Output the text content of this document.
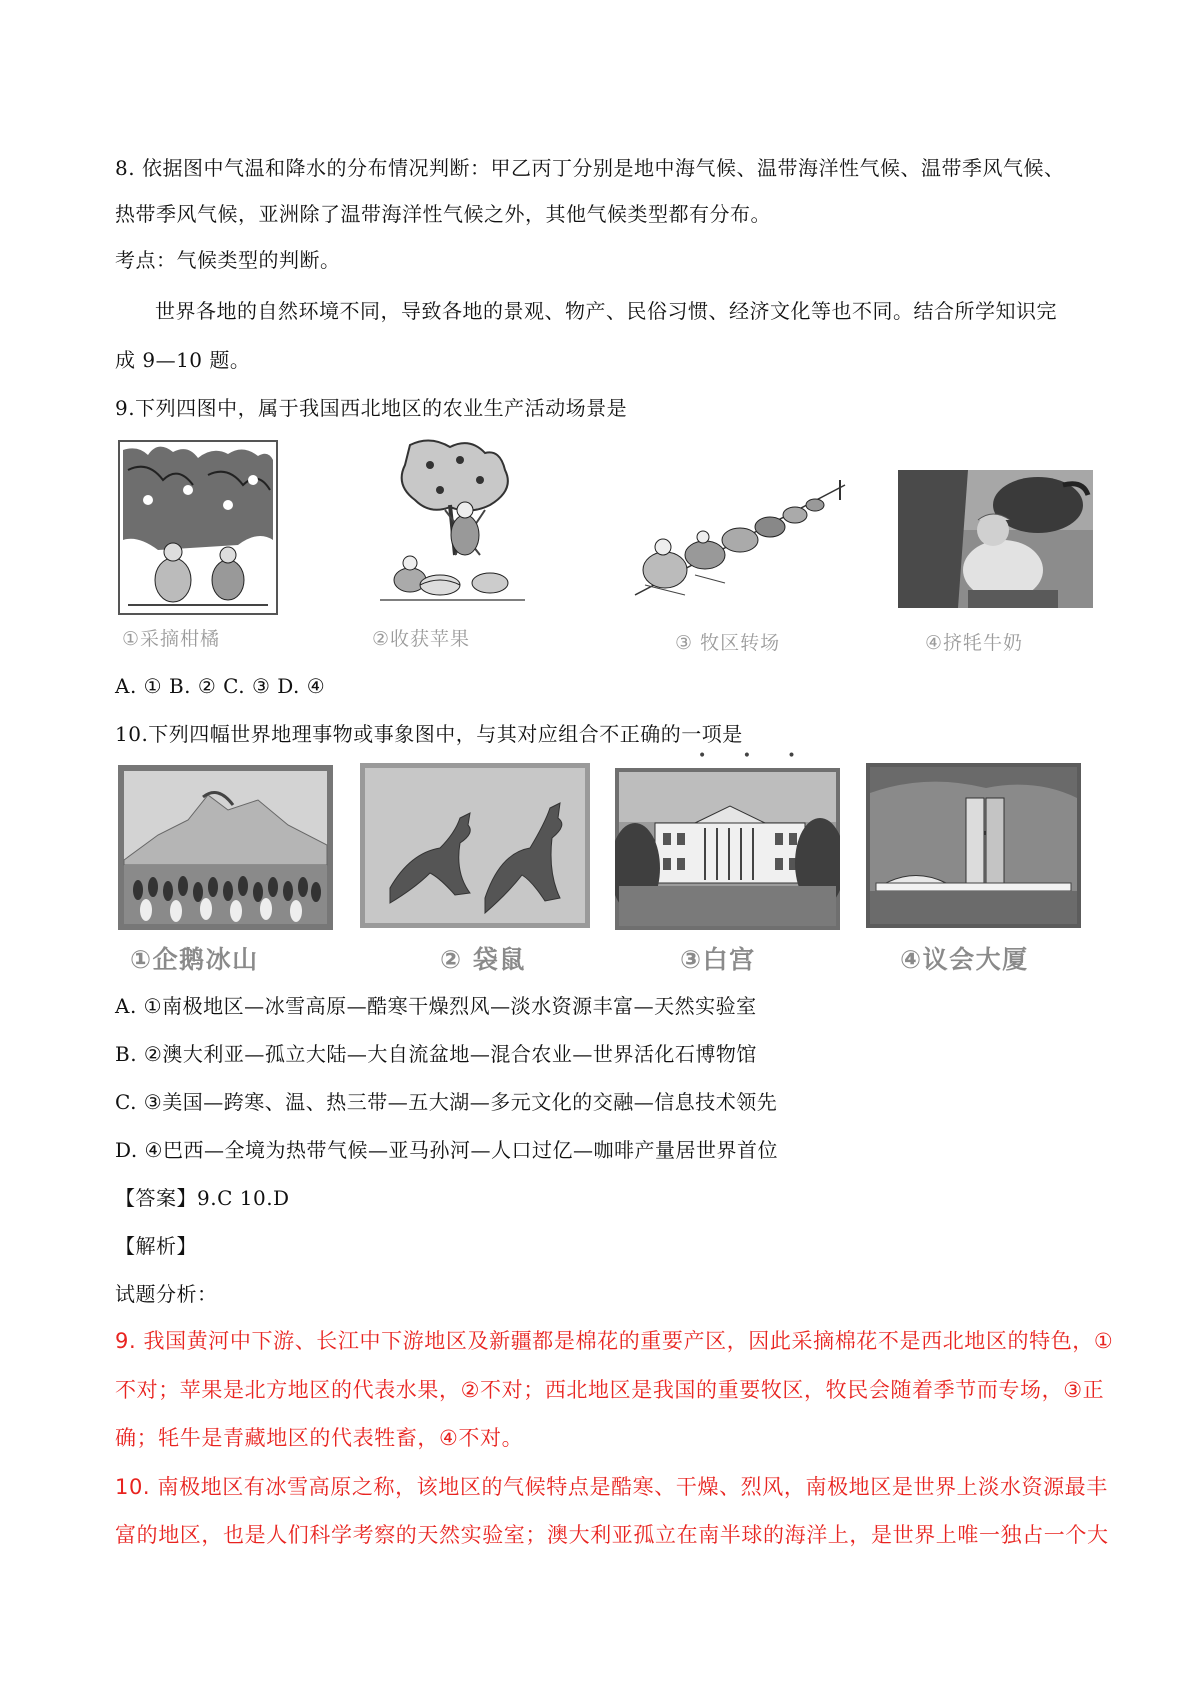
8. 依据图中气温和降水的分布情况判断：甲乙丙丁分别是地中海气候、温带海洋性气候、温带季风气候、
热带季风气候，亚洲除了温带海洋性气候之外，其他气候类型都有分布。
考点：气候类型的判断。
世界各地的自然环境不同，导致各地的景观、物产、民俗习惯、经济文化等也不同。结合所学知识完
成 9—10 题。
9.下列四图中，属于我国西北地区的农业生产活动场景是
①采摘柑橘	②收获苹果	③ 牧区转场	④挤牦牛奶
A. ① B. ② C. ③ D. ④
10.下列四幅世界地理事物或事象图中，与其对应组合不正确的一项是
• • •
①企鹅冰山	② 袋鼠	③白宫	④议会大厦
A. ①南极地区—冰雪高原—酷寒干燥烈风—淡水资源丰富—天然实验室
B. ②澳大利亚—孤立大陆—大自流盆地—混合农业—世界活化石博物馆
C. ③美国—跨寒、温、热三带—五大湖—多元文化的交融—信息技术领先
D. ④巴西—全境为热带气候—亚马孙河—人口过亿—咖啡产量居世界首位
【答案】9.C 10.D
【解析】
试题分析：
9. 我国黄河中下游、长江中下游地区及新疆都是棉花的重要产区，因此采摘棉花不是西北地区的特色，①
不对；苹果是北方地区的代表水果，②不对；西北地区是我国的重要牧区，牧民会随着季节而专场，③正
确；牦牛是青藏地区的代表牲畜，④不对。
10. 南极地区有冰雪高原之称，该地区的气候特点是酷寒、干燥、烈风，南极地区是世界上淡水资源最丰
富的地区，也是人们科学考察的天然实验室；澳大利亚孤立在南半球的海洋上，是世界上唯一独占一个大
